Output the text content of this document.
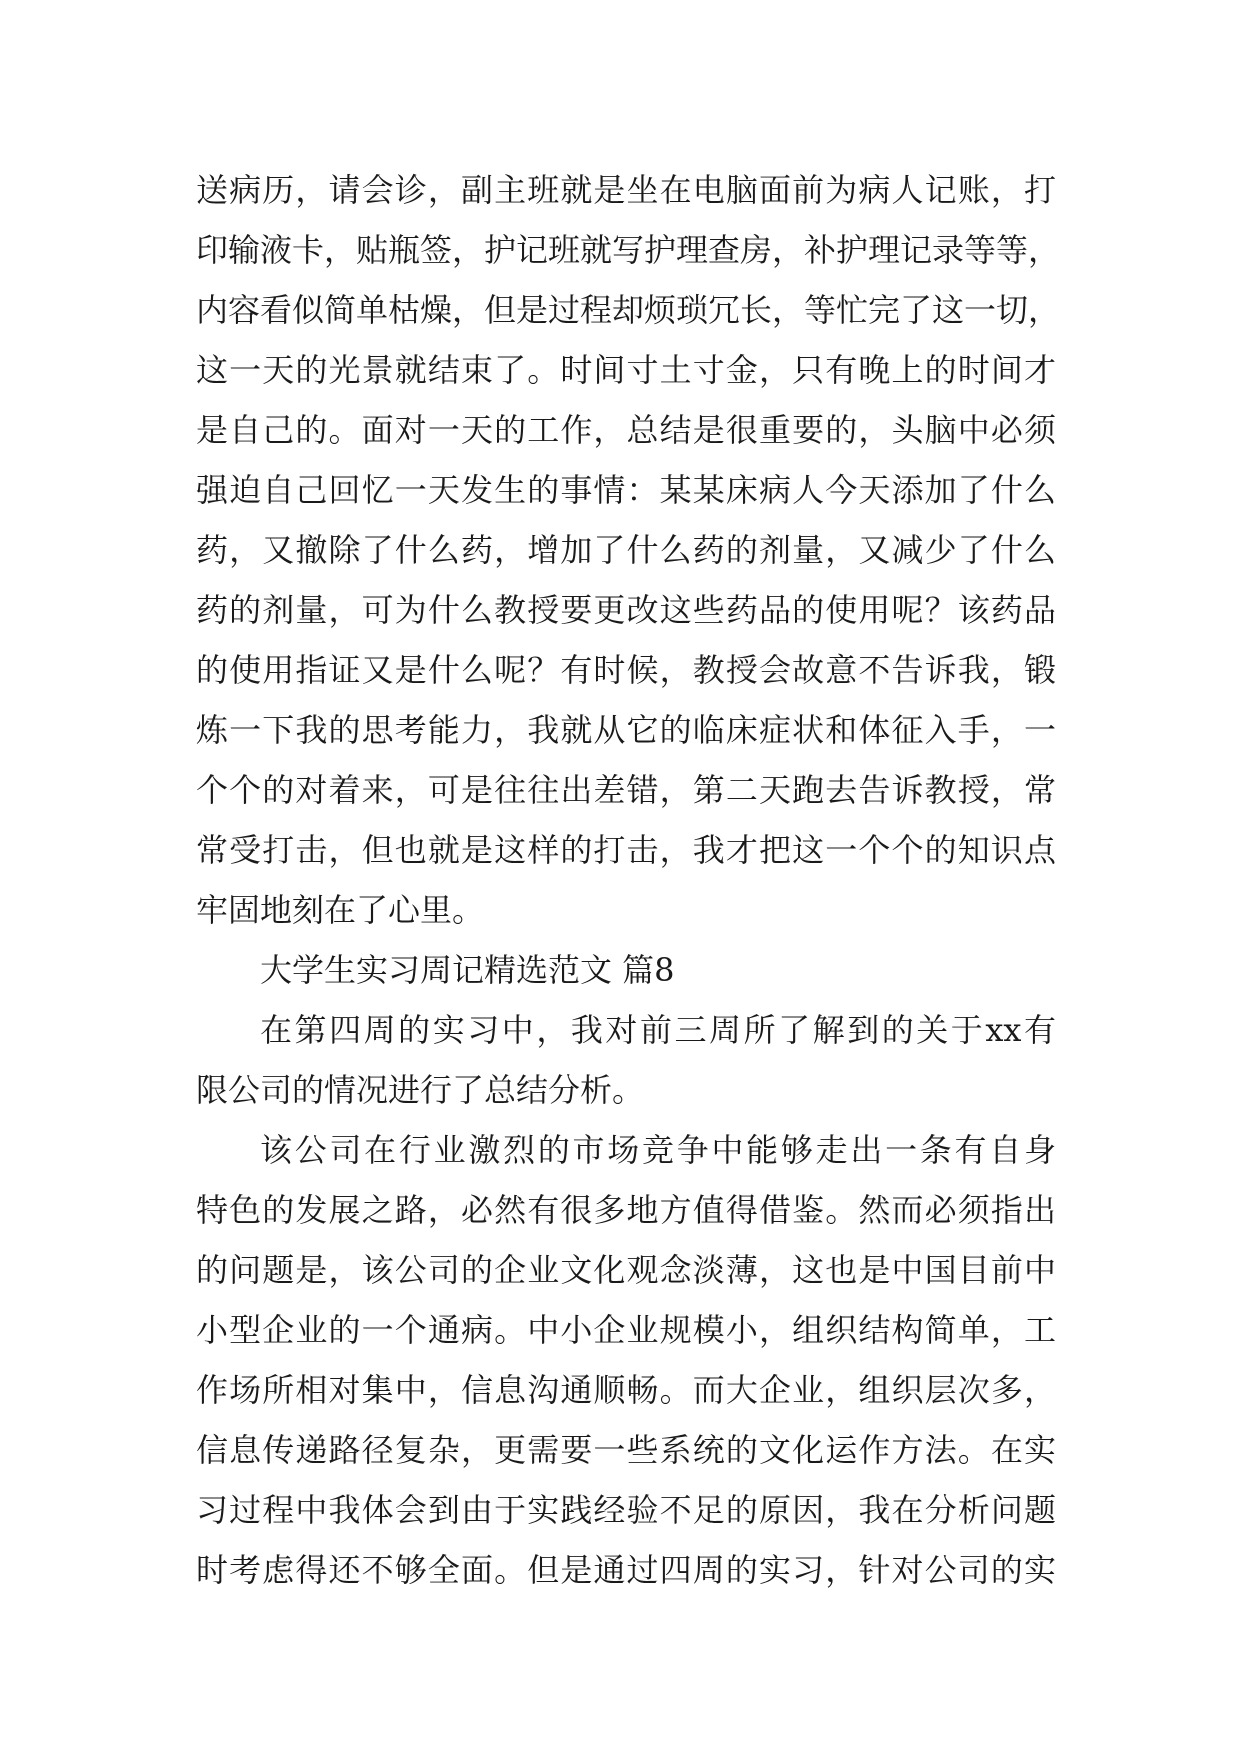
送病历，请会诊，副主班就是坐在电脑面前为病人记账，打
印输液卡，贴瓶签，护记班就写护理查房，补护理记录等等，
内容看似简单枯燥，但是过程却烦琐冗长，等忙完了这一切，
这一天的光景就结束了。时间寸土寸金，只有晚上的时间才
是自己的。面对一天的工作，总结是很重要的，头脑中必须
强迫自己回忆一天发生的事情：某某床病人今天添加了什么
药，又撤除了什么药，增加了什么药的剂量，又减少了什么
药的剂量，可为什么教授要更改这些药品的使用呢？该药品
的使用指证又是什么呢？有时候，教授会故意不告诉我，锻
炼一下我的思考能力，我就从它的临床症状和体征入手，一
个个的对着来，可是往往出差错，第二天跑去告诉教授，常
常受打击，但也就是这样的打击，我才把这一个个的知识点
牢固地刻在了心里。
大学生实习周记精选范文 篇8
在第四周的实习中，我对前三周所了解到的关于xx有
限公司的情况进行了总结分析。
该公司在行业激烈的市场竞争中能够走出一条有自身
特色的发展之路，必然有很多地方值得借鉴。然而必须指出
的问题是，该公司的企业文化观念淡薄，这也是中国目前中
小型企业的一个通病。中小企业规模小，组织结构简单，工
作场所相对集中，信息沟通顺畅。而大企业，组织层次多，
信息传递路径复杂，更需要一些系统的文化运作方法。在实
习过程中我体会到由于实践经验不足的原因，我在分析问题
时考虑得还不够全面。但是通过四周的实习，针对公司的实
